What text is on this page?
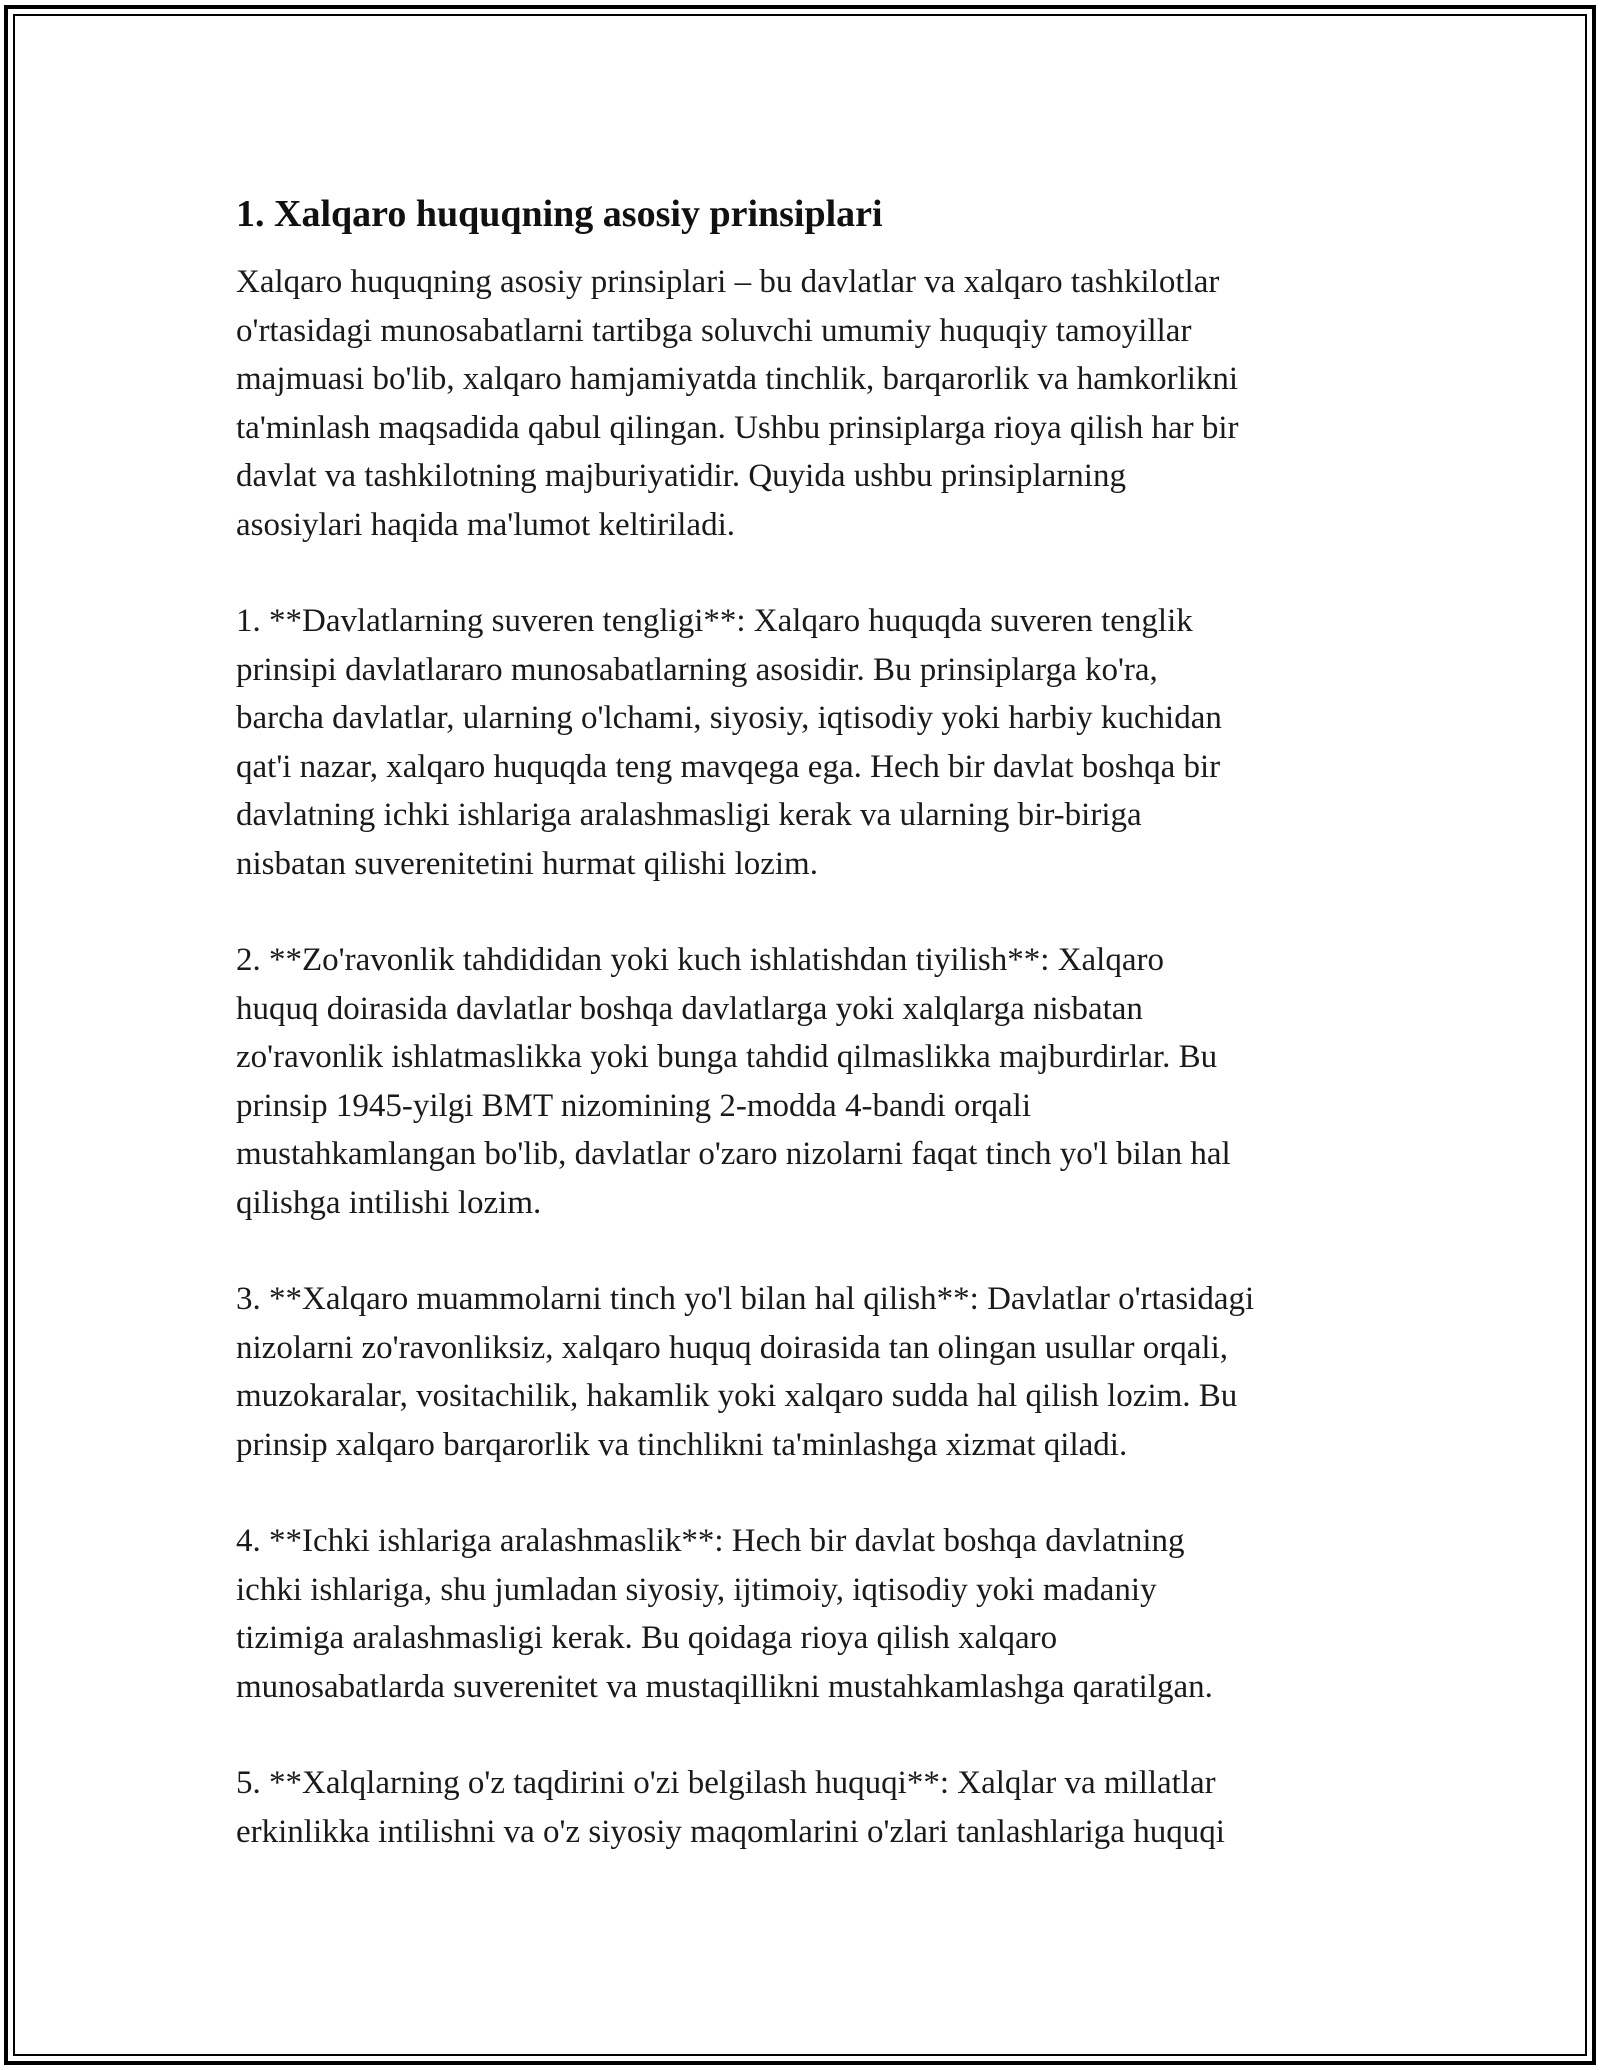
1. Xalqaro huquqning asosiy prinsiplari

Xalqaro huquqning asosiy prinsiplari – bu davlatlar va xalqaro tashkilotlar
o'rtasidagi munosabatlarni tartibga soluvchi umumiy huquqiy tamoyillar
majmuasi bo'lib, xalqaro hamjamiyatda tinchlik, barqarorlik va hamkorlikni
ta'minlash maqsadida qabul qilingan. Ushbu prinsiplarga rioya qilish har bir
davlat va tashkilotning majburiyatidir. Quyida ushbu prinsiplarning
asosiylari haqida ma'lumot keltiriladi.

1. **Davlatlarning suveren tengligi**: Xalqaro huquqda suveren tenglik
prinsipi davlatlararo munosabatlarning asosidir. Bu prinsiplarga ko'ra,
barcha davlatlar, ularning o'lchami, siyosiy, iqtisodiy yoki harbiy kuchidan
qat'i nazar, xalqaro huquqda teng mavqega ega. Hech bir davlat boshqa bir
davlatning ichki ishlariga aralashmasligi kerak va ularning bir-biriga
nisbatan suverenitetini hurmat qilishi lozim.

2. **Zo'ravonlik tahdididan yoki kuch ishlatishdan tiyilish**: Xalqaro
huquq doirasida davlatlar boshqa davlatlarga yoki xalqlarga nisbatan
zo'ravonlik ishlatmaslikka yoki bunga tahdid qilmaslikka majburdirlar. Bu
prinsip 1945-yilgi BMT nizomining 2-modda 4-bandi orqali
mustahkamlangan bo'lib, davlatlar o'zaro nizolarni faqat tinch yo'l bilan hal
qilishga intilishi lozim.

3. **Xalqaro muammolarni tinch yo'l bilan hal qilish**: Davlatlar o'rtasidagi
nizolarni zo'ravonliksiz, xalqaro huquq doirasida tan olingan usullar orqali,
muzokaralar, vositachilik, hakamlik yoki xalqaro sudda hal qilish lozim. Bu
prinsip xalqaro barqarorlik va tinchlikni ta'minlashga xizmat qiladi.

4. **Ichki ishlariga aralashmaslik**: Hech bir davlat boshqa davlatning
ichki ishlariga, shu jumladan siyosiy, ijtimoiy, iqtisodiy yoki madaniy
tizimiga aralashmasligi kerak. Bu qoidaga rioya qilish xalqaro
munosabatlarda suverenitet va mustaqillikni mustahkamlashga qaratilgan.

5. **Xalqlarning o'z taqdirini o'zi belgilash huquqi**: Xalqlar va millatlar
erkinlikka intilishni va o'z siyosiy maqomlarini o'zlari tanlashlariga huquqi
